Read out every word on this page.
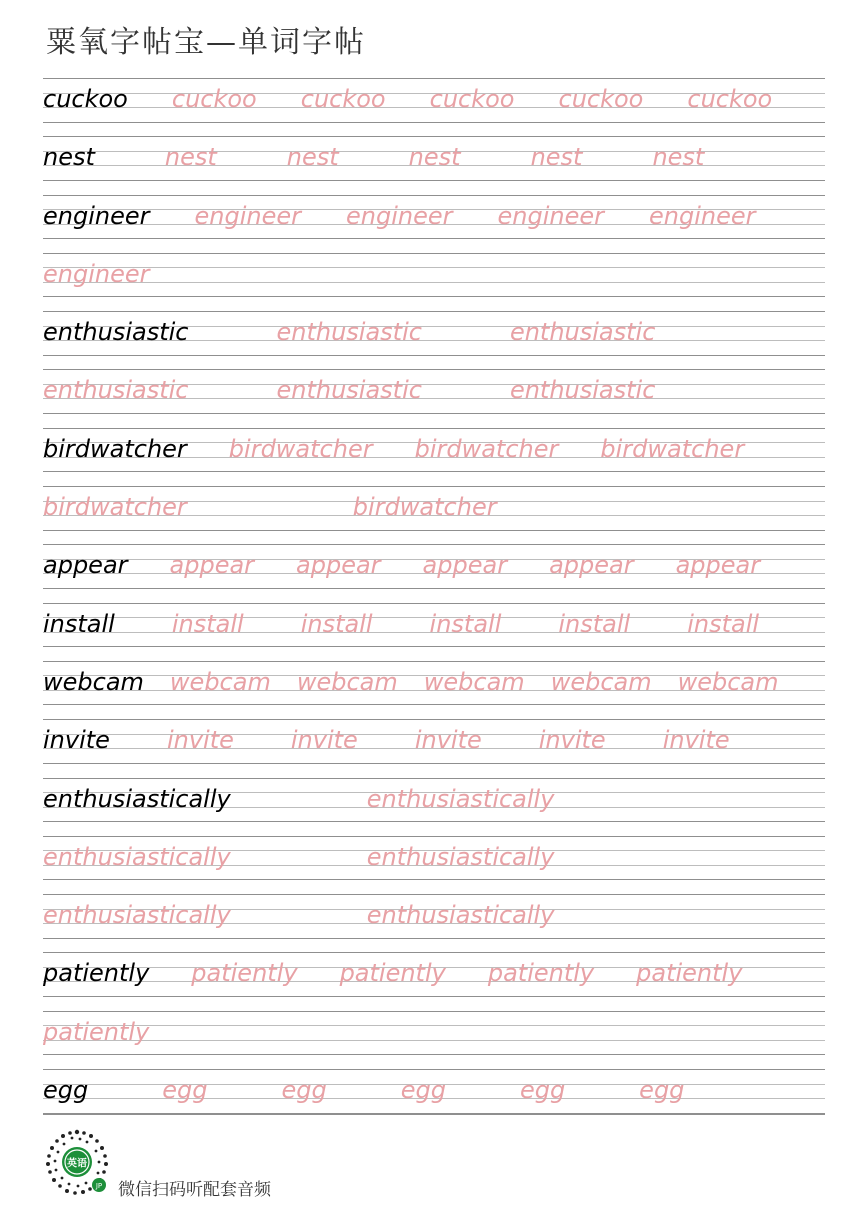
粟氧字帖宝—单词字帖
cuckoo cuckoo cuckoo cuckoo cuckoo cuckoo
nest	nest	nest	nest	nest	nest
engineer engineer engineer engineer engineer
engineer
enthusiastic	enthusiastic	enthusiastic
enthusiastic	enthusiastic	enthusiastic
birdwatcher birdwatcher birdwatcher birdwatcher
birdwatcher	birdwatcher
appear appear appear appear appear appear
install install install install install install
webcam webcam webcam webcam webcam webcam
invite invite invite invite invite invite
enthusiastically	enthusiastically
enthusiastically	enthusiastically
enthusiastically	enthusiastically
patiently patiently patiently patiently patiently
patiently
egg	egg	egg	egg	egg	egg
英语
JP 微信扫码听配套音频
